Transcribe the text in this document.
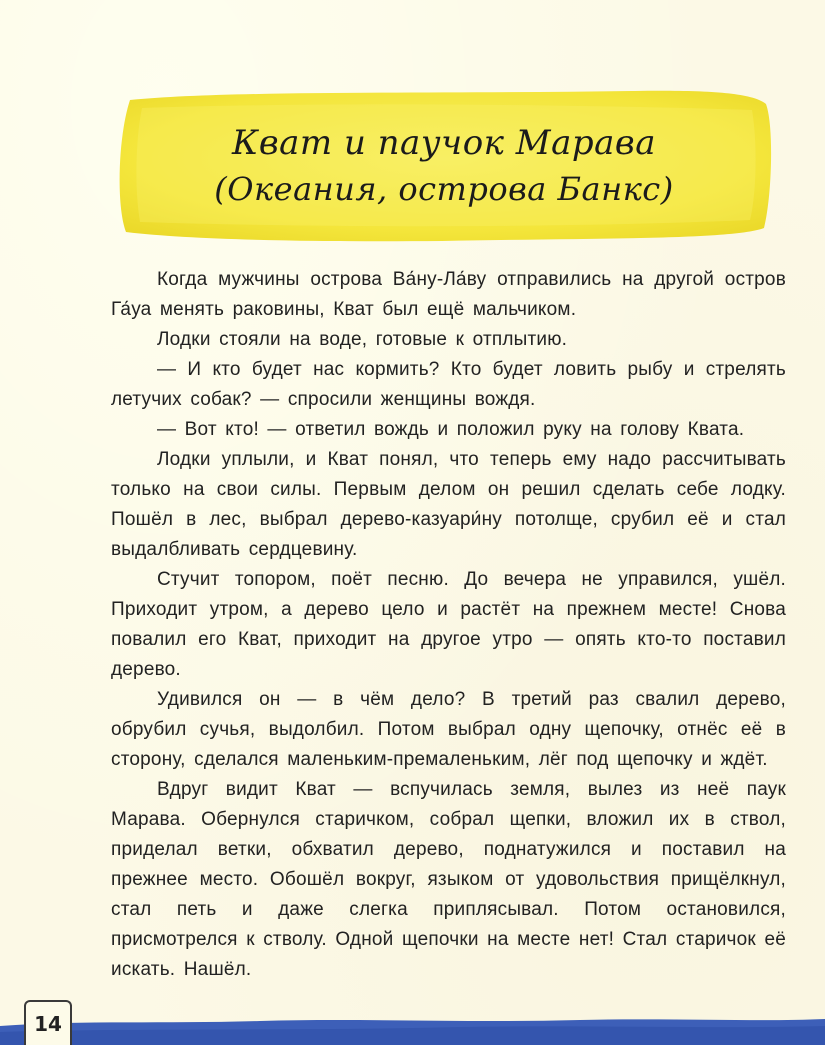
Кват и паучок Марава
(Океания, острова Банкс)

Когда мужчины острова Ва́ну-Ла́ву отправились на другой остров Га́уа менять раковины, Кват был ещё мальчиком.

Лодки стояли на воде, готовые к отплытию.

— И кто будет нас кормить? Кто будет ловить рыбу и стрелять летучих собак? — спросили женщины вождя.

— Вот кто! — ответил вождь и положил руку на голову Квата.

Лодки уплыли, и Кват понял, что теперь ему надо рассчитывать только на свои силы. Первым делом он решил сделать себе лодку. Пошёл в лес, выбрал дерево-казуари́ну потолще, срубил её и стал выдалбливать сердцевину.

Стучит топором, поёт песню. До вечера не управился, ушёл. Приходит утром, а дерево цело и растёт на прежнем месте! Снова повалил его Кват, приходит на другое утро — опять кто-то поставил дерево.

Удивился он — в чём дело? В третий раз свалил дерево, обрубил сучья, выдолбил. Потом выбрал одну щепочку, отнёс её в сторону, сделался маленьким-премаленьким, лёг под щепочку и ждёт.

Вдруг видит Кват — вспучилась земля, вылез из неё паук Марава. Обернулся старичком, собрал щепки, вложил их в ствол, приделал ветки, обхватил дерево, поднатужился и поставил на прежнее место. Обошёл вокруг, языком от удовольствия прищёлкнул, стал петь и даже слегка приплясывал. Потом остановился, присмотрелся к стволу. Одной щепочки на месте нет! Стал старичок её искать. Нашёл.

14
